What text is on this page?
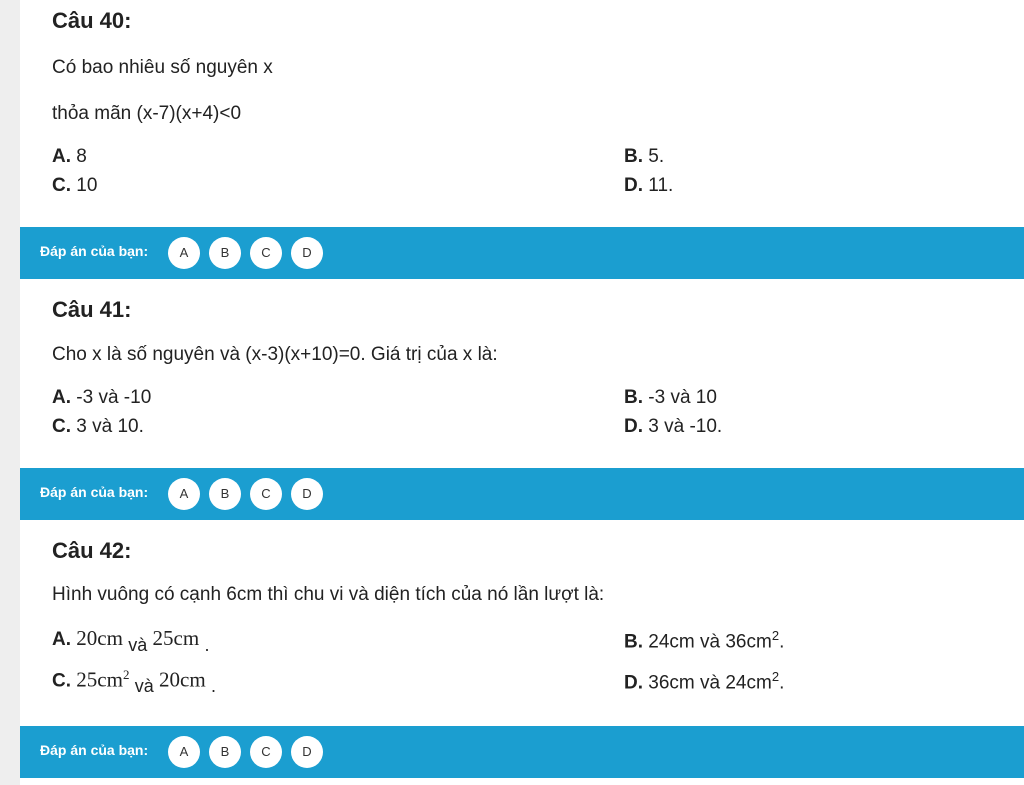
Câu 40:
Có bao nhiêu số nguyên x
thỏa mãn (x-7)(x+4)<0
A. 8	B. 5.
C. 10	D. 11.
Đáp án của bạn:	A	B	C	D
Câu 41:
Cho x là số nguyên và (x-3)(x+10)=0. Giá trị của x là:
A. -3 và -10	B. -3 và 10
C. 3 và 10.	D. 3 và -10.
Đáp án của bạn:	A	B	C	D
Câu 42:
Hình vuông có cạnh 6cm thì chu vi và diện tích của nó lần lượt là:
A. 20cm và 25cm .	B. 24cm và $36cm^2$.
C. $25cm^2$ và 20cm .	D. 36cm và $24cm^2$.
Đáp án của bạn:	A	B	C	D
